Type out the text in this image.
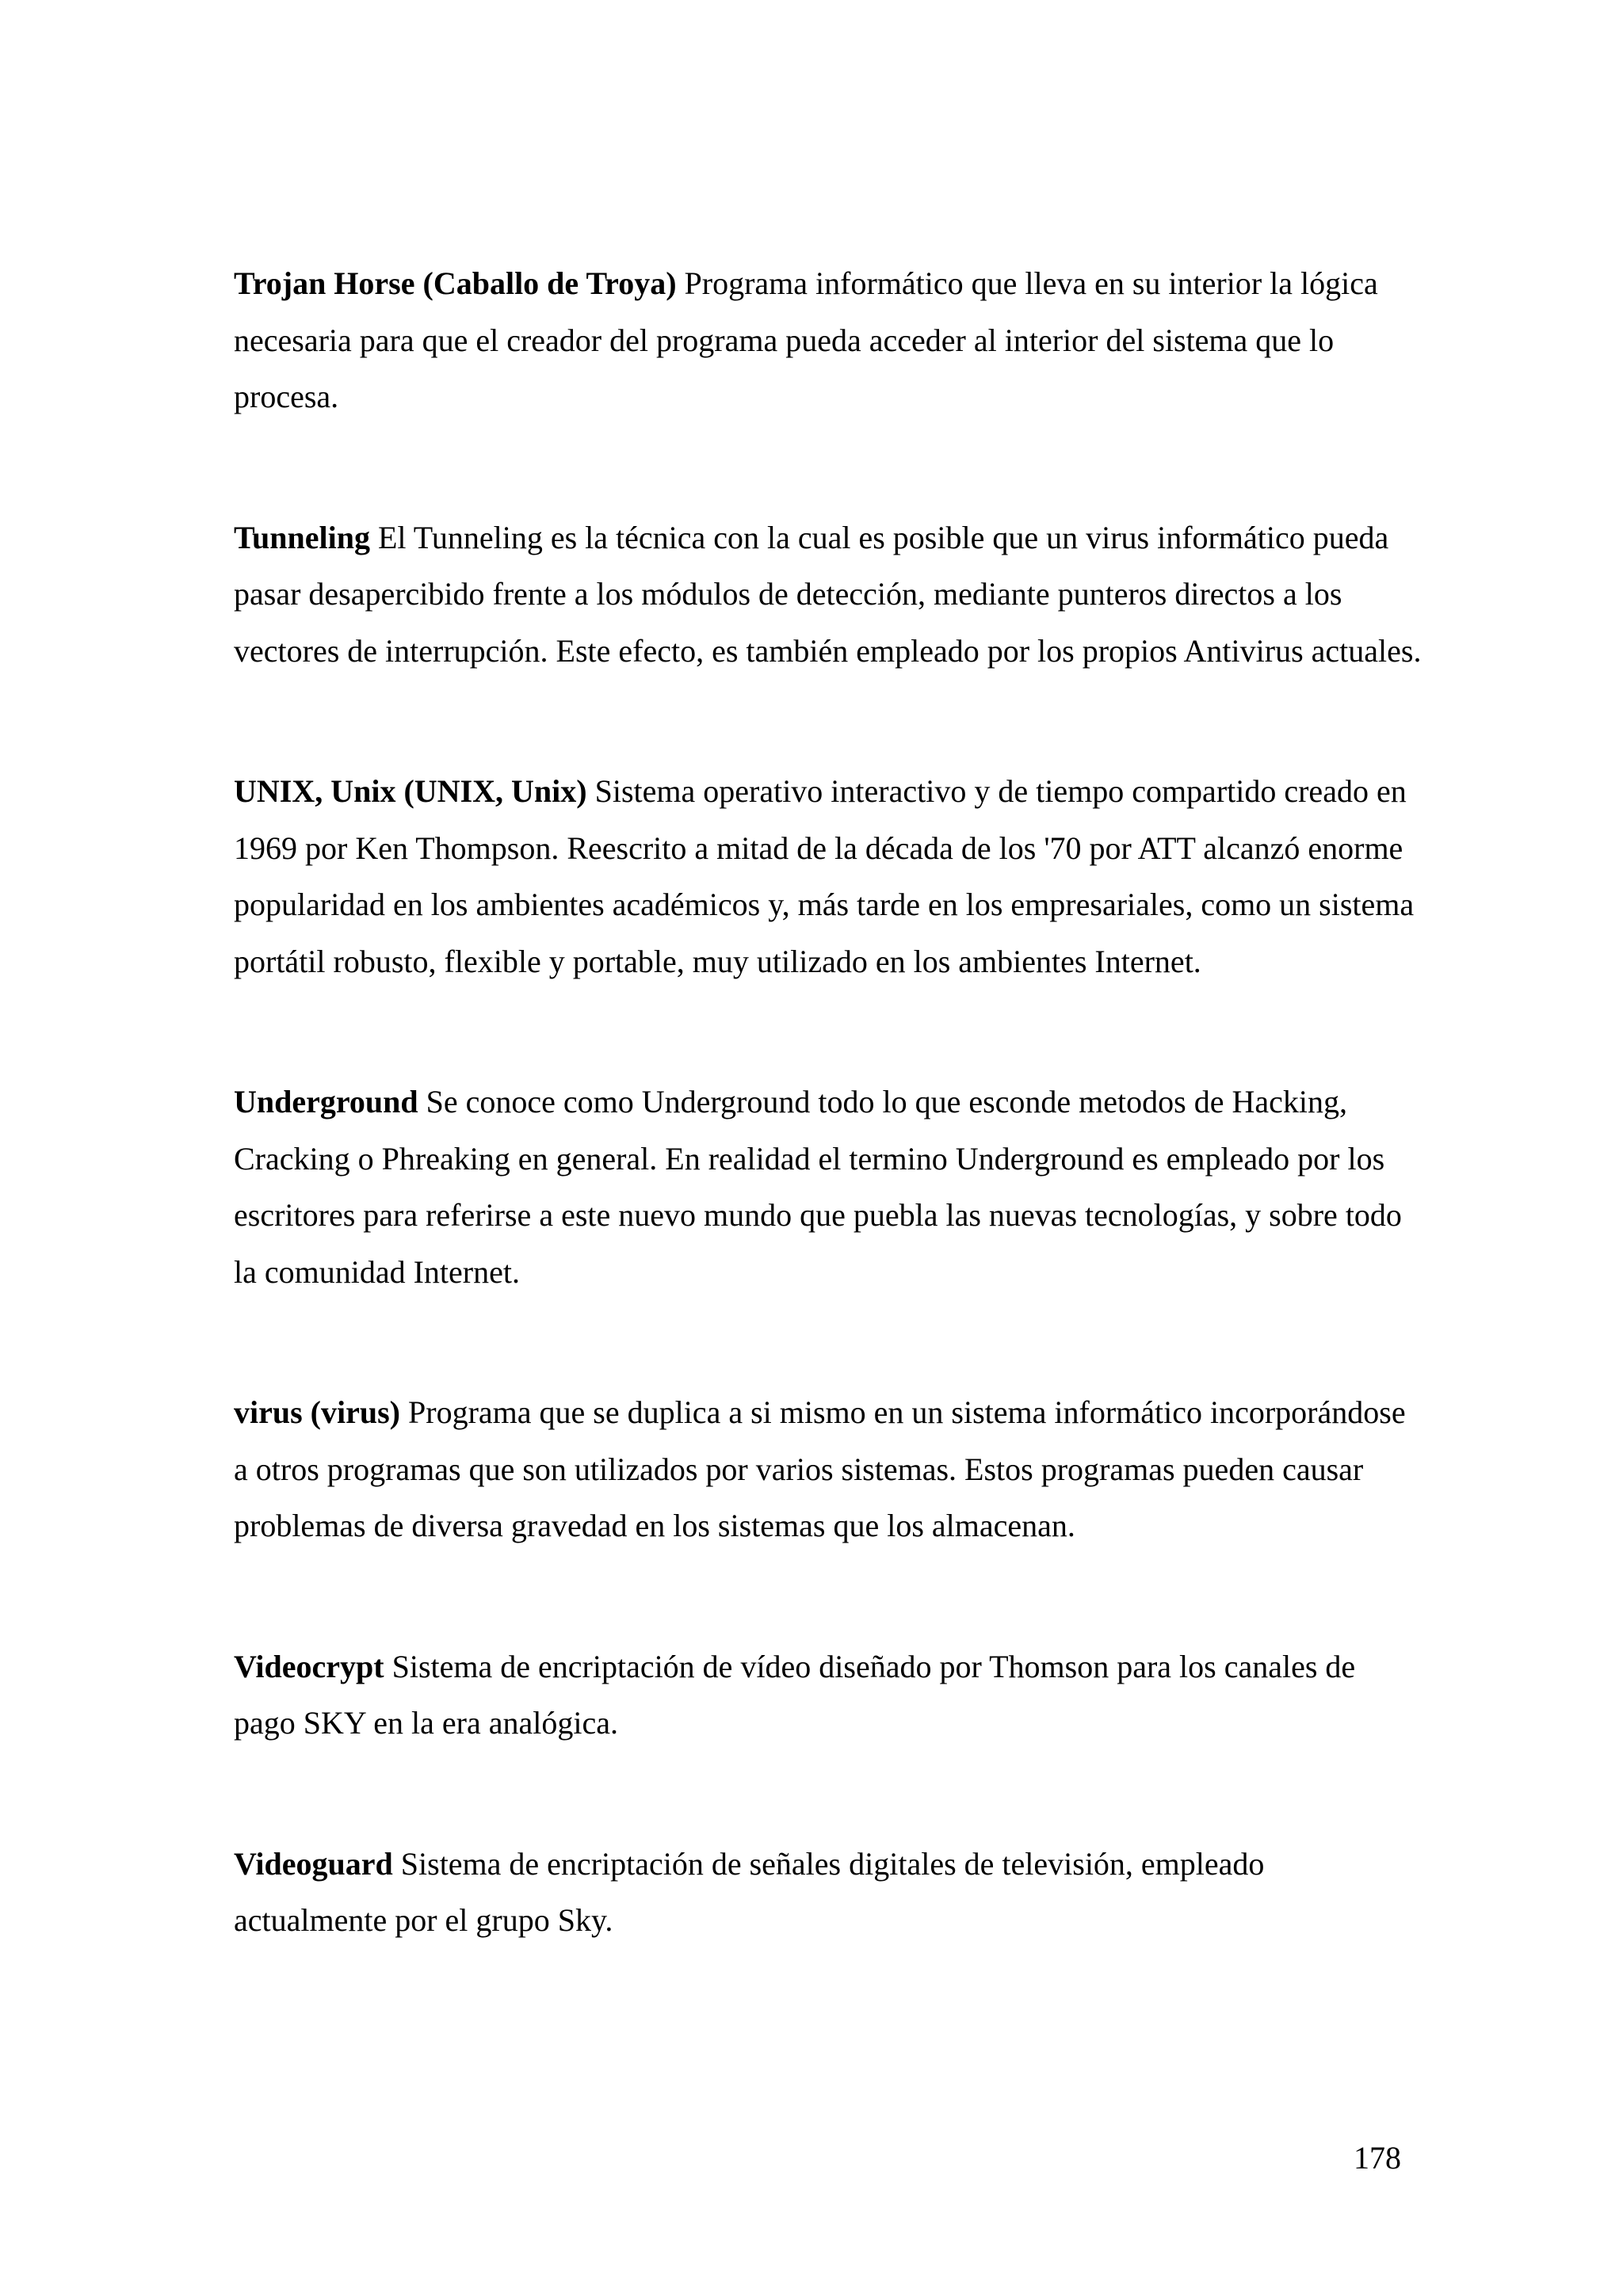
Trojan Horse (Caballo de Troya) Programa informático que lleva en su interior la lógica necesaria para que el creador del programa pueda acceder al interior del sistema que lo procesa.

Tunneling El Tunneling es la técnica con la cual es posible que un virus informático pueda pasar desapercibido frente a los módulos de detección, mediante punteros directos a los vectores de interrupción. Este efecto, es también empleado por los propios Antivirus actuales.

UNIX, Unix (UNIX, Unix) Sistema operativo interactivo y de tiempo compartido creado en 1969 por Ken Thompson. Reescrito a mitad de la década de los '70 por ATT alcanzó enorme popularidad en los ambientes académicos y, más tarde en los empresariales, como un sistema portátil robusto, flexible y portable, muy utilizado en los ambientes Internet.

Underground Se conoce como Underground todo lo que esconde metodos de Hacking, Cracking o Phreaking en general. En realidad el termino Underground es empleado por los escritores para referirse a este nuevo mundo que puebla las nuevas tecnologías, y sobre todo la comunidad Internet.

virus (virus) Programa que se duplica a si mismo en un sistema informático incorporándose a otros programas que son utilizados por varios sistemas. Estos programas pueden causar problemas de diversa gravedad en los sistemas que los almacenan.

Videocrypt Sistema de encriptación de vídeo diseñado por Thomson para los canales de pago SKY en la era analógica.

Videoguard Sistema de encriptación de señales digitales de televisión, empleado actualmente por el grupo Sky.

178
